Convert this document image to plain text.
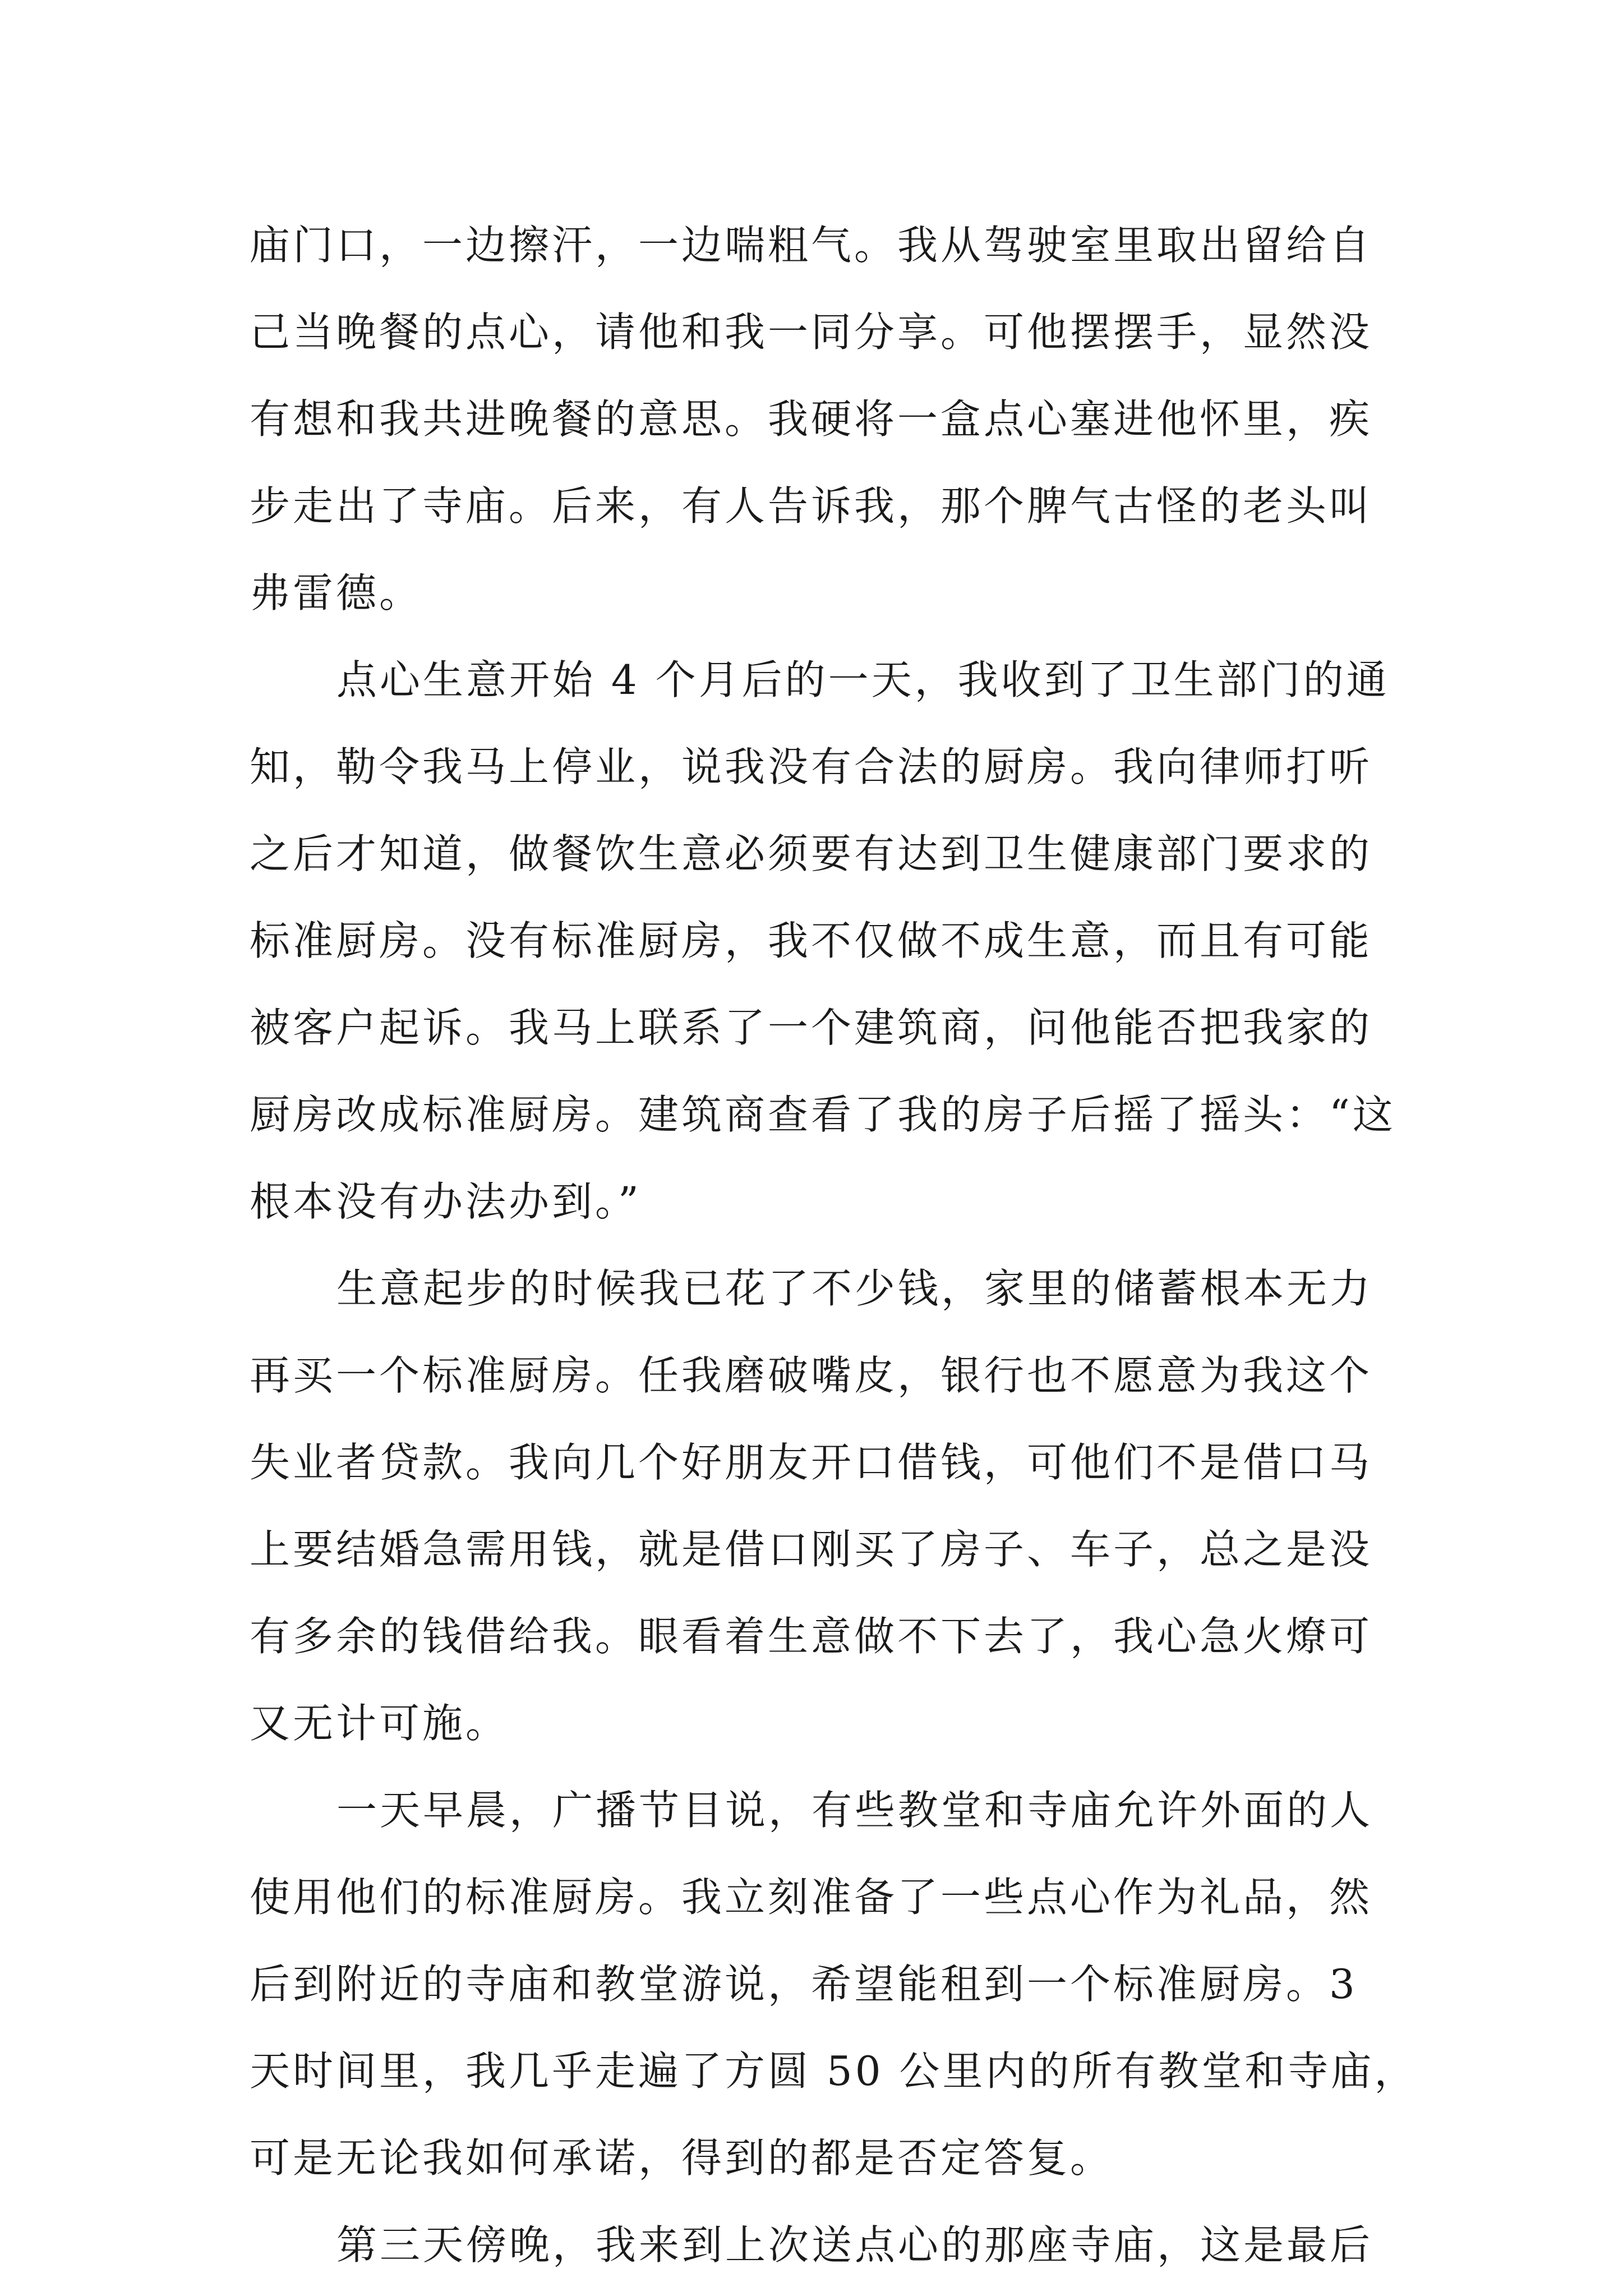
庙门口，一边擦汗，一边喘粗气。我从驾驶室里取出留给自
己当晚餐的点心，请他和我一同分享。可他摆摆手，显然没
有想和我共进晚餐的意思。我硬将一盒点心塞进他怀里，疾
步走出了寺庙。后来，有人告诉我，那个脾气古怪的老头叫
弗雷德。
点心生意开始 4 个月后的一天，我收到了卫生部门的通
知，勒令我马上停业，说我没有合法的厨房。我向律师打听
之后才知道，做餐饮生意必须要有达到卫生健康部门要求的
标准厨房。没有标准厨房，我不仅做不成生意，而且有可能
被客户起诉。我马上联系了一个建筑商，问他能否把我家的
厨房改成标准厨房。建筑商查看了我的房子后摇了摇头：“这
根本没有办法办到。”
生意起步的时候我已花了不少钱，家里的储蓄根本无力
再买一个标准厨房。任我磨破嘴皮，银行也不愿意为我这个
失业者贷款。我向几个好朋友开口借钱，可他们不是借口马
上要结婚急需用钱，就是借口刚买了房子、车子，总之是没
有多余的钱借给我。眼看着生意做不下去了，我心急火燎可
又无计可施。
一天早晨，广播节目说，有些教堂和寺庙允许外面的人
使用他们的标准厨房。我立刻准备了一些点心作为礼品，然
后到附近的寺庙和教堂游说，希望能租到一个标准厨房。3
天时间里，我几乎走遍了方圆 50 公里内的所有教堂和寺庙，
可是无论我如何承诺，得到的都是否定答复。
第三天傍晚，我来到上次送点心的那座寺庙，这是最后
